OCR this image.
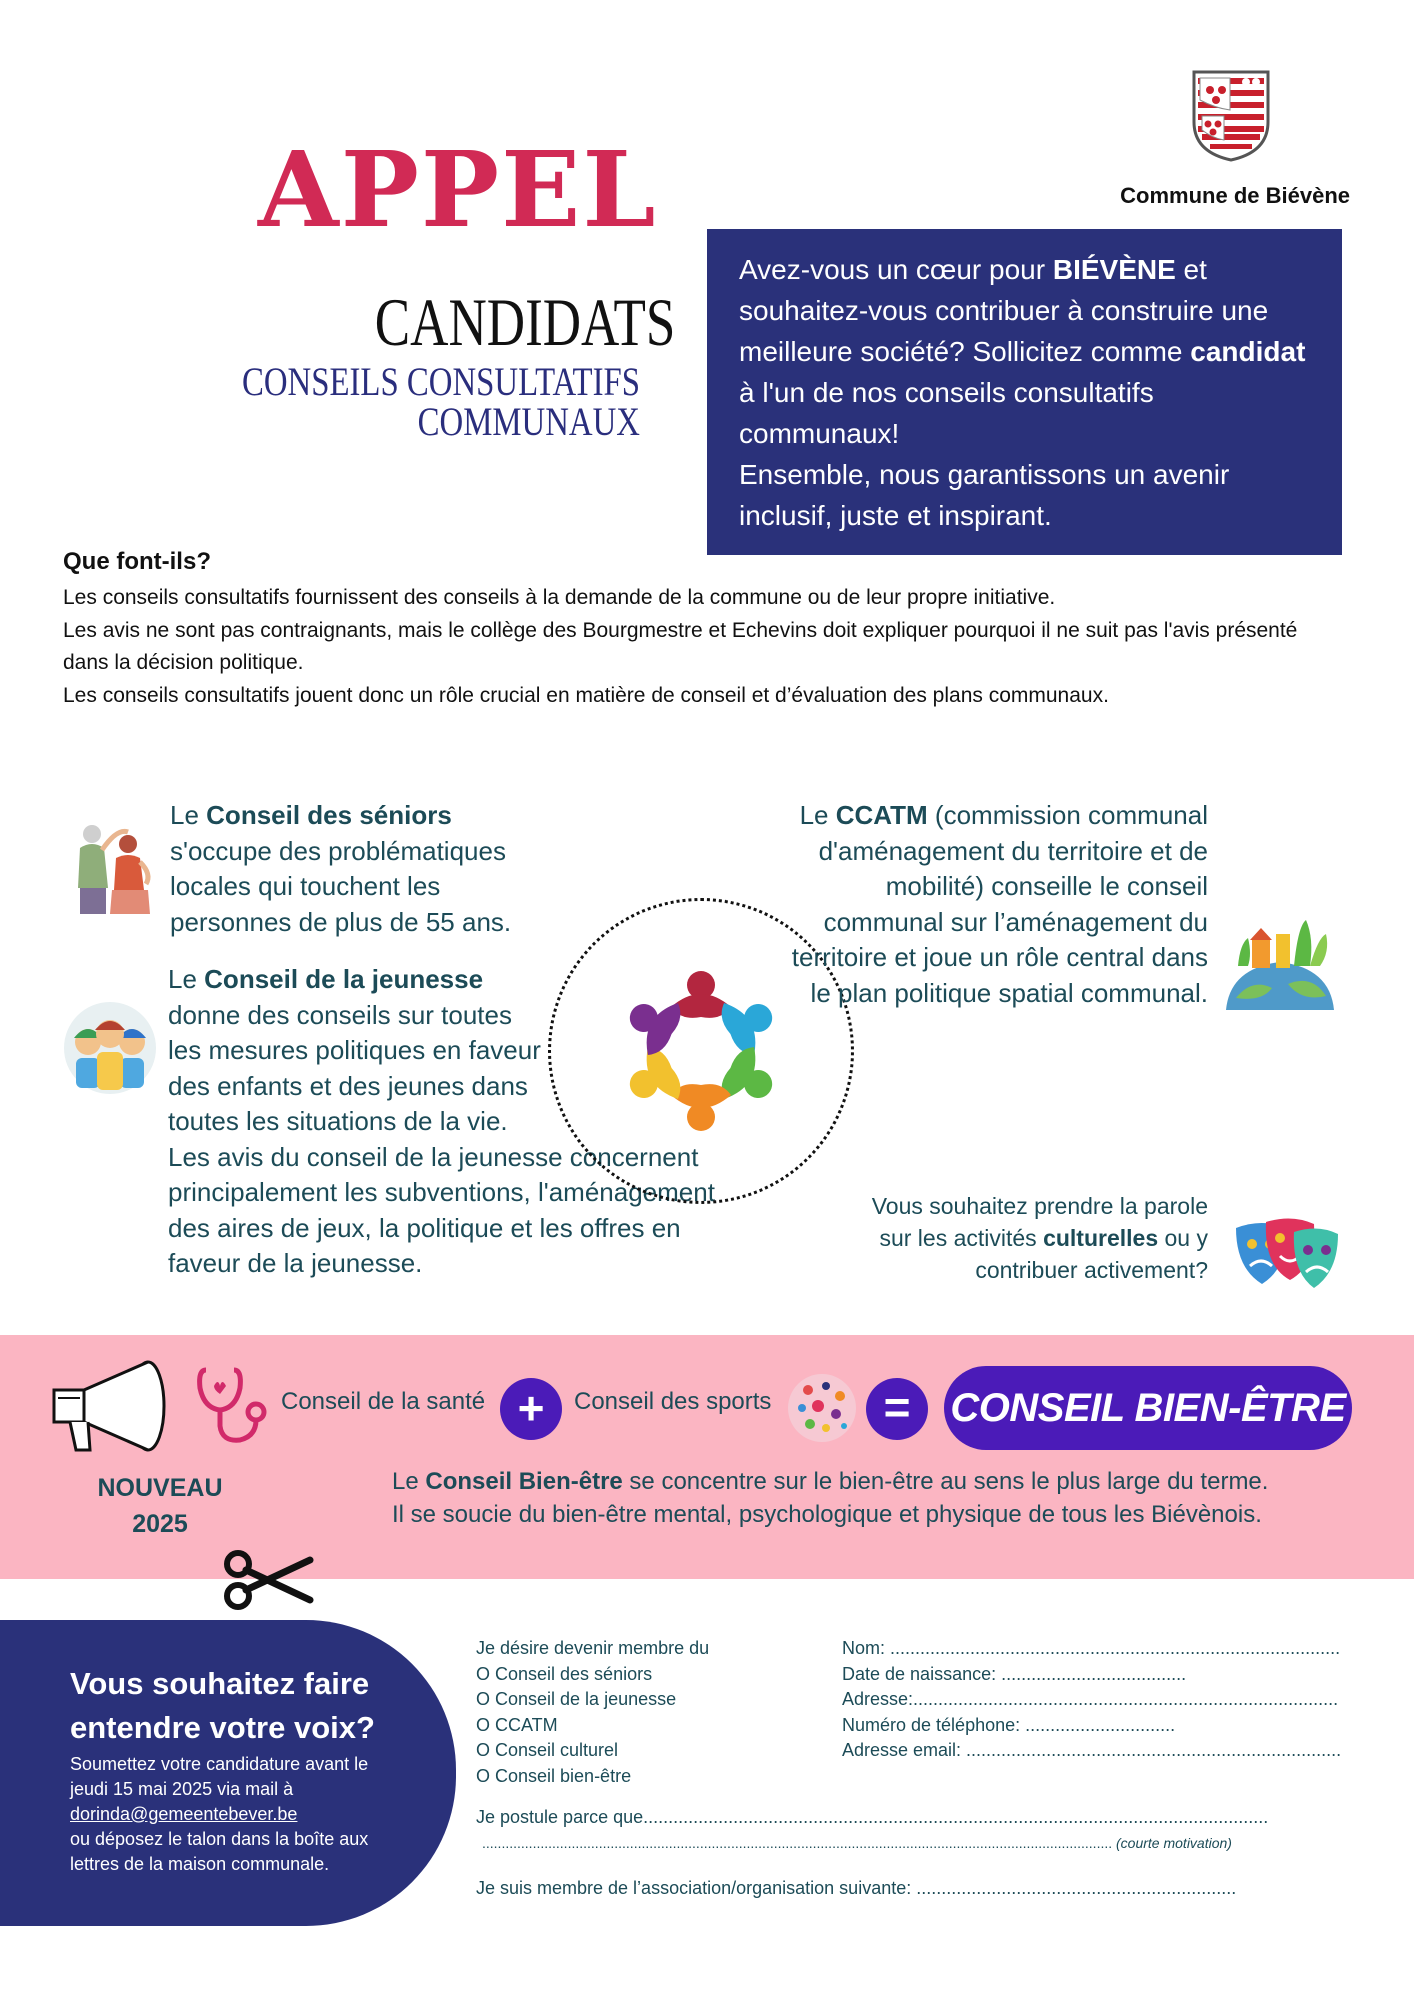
APPEL
CANDIDATS
CONSEILS CONSULTATIFS COMMUNAUX
Commune de Biévène
Avez-vous un cœur pour BIÉVÈNE et souhaitez-vous contribuer à construire une meilleure société? Sollicitez comme candidat à l'un de nos conseils consultatifs communaux!
Ensemble, nous garantissons un avenir inclusif, juste et inspirant.
Que font-ils?
Les conseils consultatifs fournissent des conseils à la demande de la commune ou de leur propre initiative.
Les avis ne sont pas contraignants, mais le collège des Bourgmestre et Echevins doit expliquer pourquoi il ne suit pas l'avis présenté dans la décision politique.
Les conseils consultatifs jouent donc un rôle crucial en matière de conseil et d’évaluation des plans communaux.
Le Conseil des séniors s'occupe des problématiques locales qui touchent les personnes de plus de 55 ans.
Le Conseil de la jeunesse donne des conseils sur toutes les mesures politiques en faveur des enfants et des jeunes dans toutes les situations de la vie.
Les avis du conseil de la jeunesse concernent principalement les subventions, l'aménagement des aires de jeux, la politique et les offres en faveur de la jeunesse.
Le CCATM (commission communal d'aménagement du territoire et de mobilité) conseille le conseil communal sur l’aménagement du territoire et joue un rôle central dans le plan politique spatial communal.
Vous souhaitez prendre la parole sur les activités culturelles ou y contribuer activement?
Conseil de la santé +	Conseil des sports	= CONSEIL BIEN-ÊTRE
NOUVEAU
2025
Le Conseil Bien-être se concentre sur le bien-être au sens le plus large du terme.
Il se soucie du bien-être mental, psychologique et physique de tous les Biévènois.
Vous souhaitez faire entendre votre voix?
Soumettez votre candidature avant le jeudi 15 mai 2025 via mail à
dorinda@gemeentebever.be
ou déposez le talon dans la boîte aux lettres de la maison communale.
Je désire devenir membre du
O Conseil des séniors
O Conseil de la jeunesse
O CCATM
O Conseil culturel
O Conseil bien-être
Nom: ..........................................................................................
Date de naissance: .....................................
Adresse:.....................................................................................
Numéro de téléphone: ..............................
Adresse email: ...........................................................................
Je postule parce que.............................................................................................................................
.................................................................................................................................................................. (courte motivation)
Je suis membre de l’association/organisation suivante: ................................................................
